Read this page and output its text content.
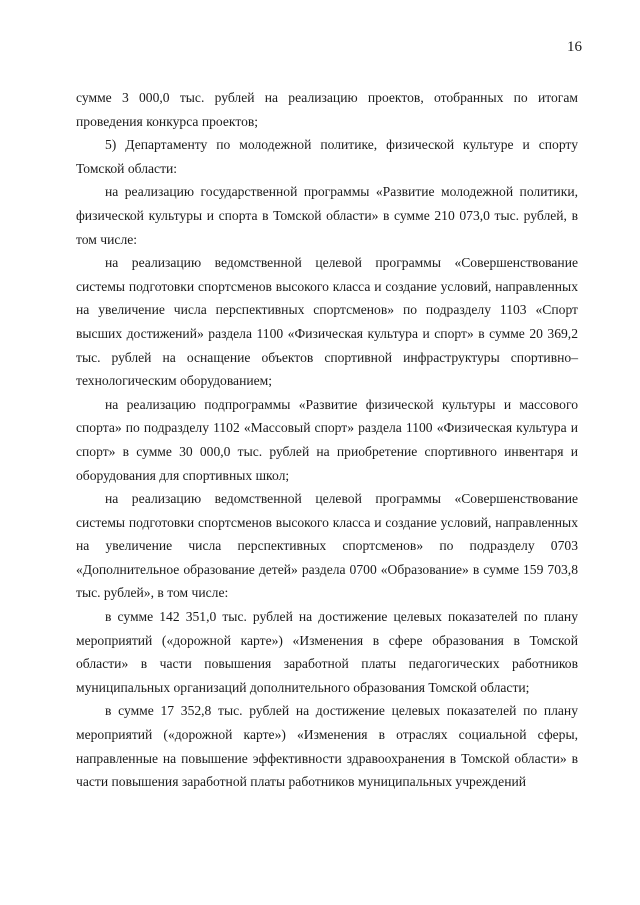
16

сумме 3 000,0 тыс. рублей на реализацию проектов, отобранных по итогам проведения конкурса проектов;

5) Департаменту по молодежной политике, физической культуре и спорту Томской области:

на реализацию государственной программы «Развитие молодежной политики, физической культуры и спорта в Томской области» в сумме 210 073,0 тыс. рублей, в том числе:

на реализацию ведомственной целевой программы «Совершенствование системы подготовки спортсменов высокого класса и создание условий, направленных на увеличение числа перспективных спортсменов» по подразделу 1103 «Спорт высших достижений» раздела 1100 «Физическая культура и спорт» в сумме 20 369,2 тыс. рублей на оснащение объектов спортивной инфраструктуры спортивно–технологическим оборудованием;

на реализацию подпрограммы «Развитие физической культуры и массового спорта» по подразделу 1102 «Массовый спорт» раздела 1100 «Физическая культура и спорт» в сумме 30 000,0 тыс. рублей на приобретение спортивного инвентаря и оборудования для спортивных школ;

на реализацию ведомственной целевой программы «Совершенствование системы подготовки спортсменов высокого класса и создание условий, направленных на увеличение числа перспективных спортсменов» по подразделу 0703 «Дополнительное образование детей» раздела 0700 «Образование» в сумме 159 703,8 тыс. рублей», в том числе:

в сумме 142 351,0 тыс. рублей на достижение целевых показателей по плану мероприятий («дорожной карте») «Изменения в сфере образования в Томской области» в части повышения заработной платы педагогических работников муниципальных организаций дополнительного образования Томской области;

в сумме 17 352,8 тыс. рублей на достижение целевых показателей по плану мероприятий («дорожной карте») «Изменения в отраслях социальной сферы, направленные на повышение эффективности здравоохранения в Томской области» в части повышения заработной платы работников муниципальных учреждений
